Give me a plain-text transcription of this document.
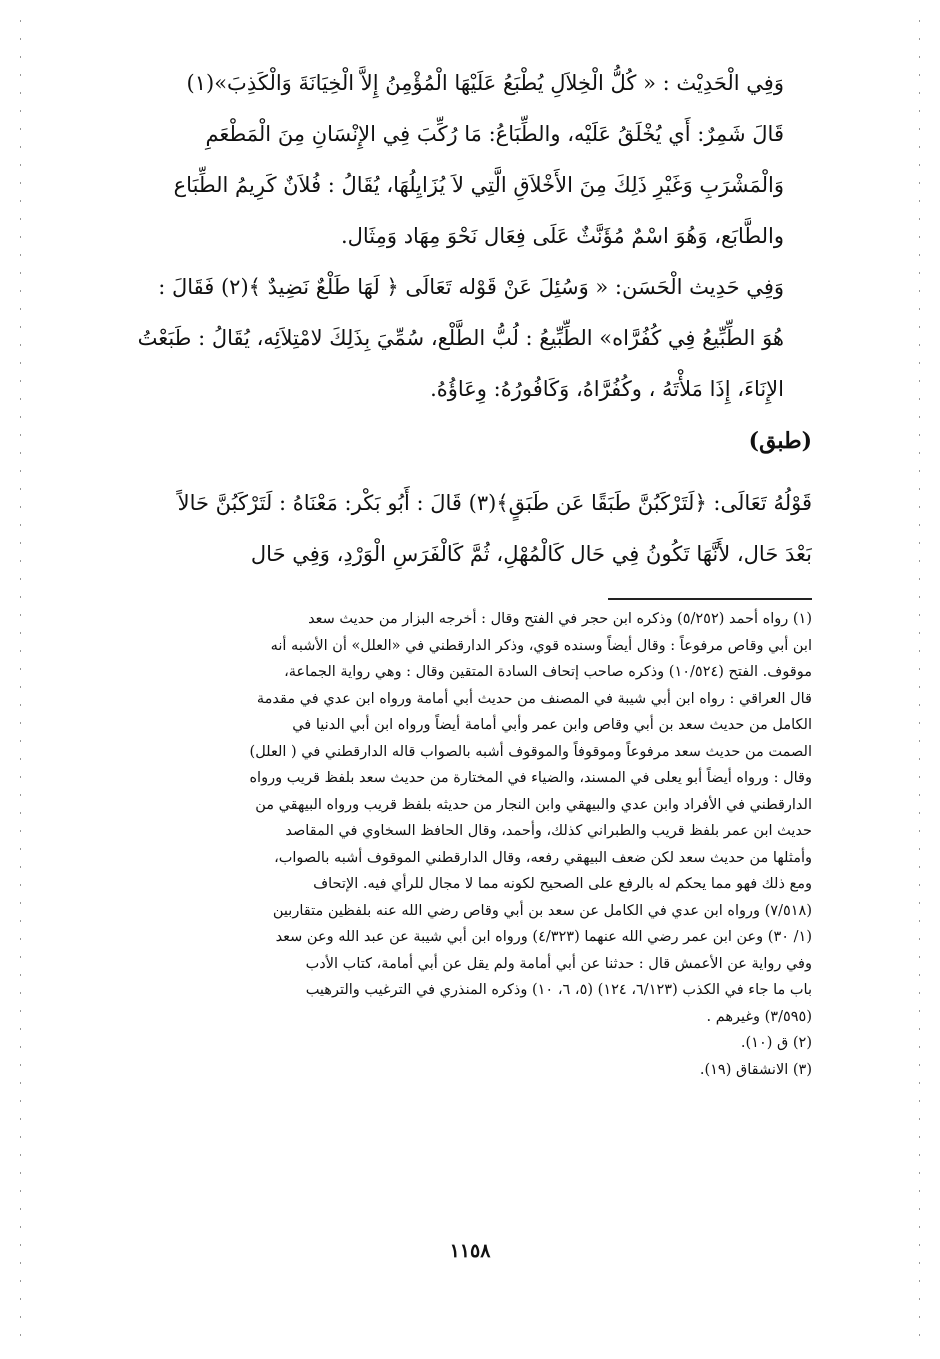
وَفِي الْحَدِيْث : « كُلُّ الْخِلاَلِ يُطْبَعُ عَلَيْهَا الْمُؤْمِنُ إِلاَّ الْخِيَانَةَ وَالْكَذِبَ»(١)
قَالَ شَمِرٌ: أَي يُخْلَقُ عَلَيْه، والطِّبَاعُ: مَا رُكِّبَ فِي الإِنْسَانِ مِنَ الْمَطْعَمِ
وَالْمَشْرَبِ وَغَيْرِ ذَلِكَ مِنَ الأَخْلاَقِ الَّتِي لاَ يُزَايِلُهَا، يُقَالُ : فُلاَنٌ كَرِيمُ الطِّبَاع
والطَّابَع، وَهُوَ اسْمٌ مُؤَنَّثٌ عَلَى فِعَال نَحْوَ مِهَاد وَمِثَال.
وَفِي حَدِيث الْحَسَن: « وَسُئِلَ عَنْ قَوْله تَعَالَى ﴿ لَهَا طَلْعٌ نَضِيدٌ ﴾(٢) فَقَالَ :
هُوَ الطِّبِّيعُ فِي كُفُرَّاه» الطِّبِّيعُ : لُبُّ الطَّلْع، سُمِّيَ بِذَلِكَ لامْتِلاَئِه، يُقَالُ : طَبَعْتُ
الإِنَاءَ، إِذَا مَلأْتَهُ ، وكُفُرَّاهُ، وَكَافُورُهُ: وِعَاؤُهُ.
(طبق)
قَوْلُهُ تَعَالَى: ﴿لَتَرْكَبُنَّ طَبَقًا عَن طَبَقٍ﴾(٣) قَالَ : أَبُو بَكْر: مَعْنَاهُ : لَتَرْكَبُنَّ حَالاً
بَعْدَ حَال، لأَنَّهَا تَكُونُ فِي حَال كَالْمُهْلِ، ثُمَّ كَالْفَرَسِ الْوَرْدِ، وَفِي حَال
(١) رواه أحمد (٥/٢٥٢) وذكره ابن حجر في الفتح وقال : أخرجه البزار من حديث سعد
ابن أبي وقاص مرفوعاً : وقال أيضاً وسنده قوي، وذكر الدارقطني في «العلل» أن الأشبه أنه
موقوف. الفتح (١٠/٥٢٤) وذكره صاحب إتحاف السادة المتقين وقال : وهي رواية الجماعة،
قال العراقي : رواه ابن أبي شيبة في المصنف من حديث أبي أمامة ورواه ابن عدي في مقدمة
الكامل من حديث سعد بن أبي وقاص وابن عمر وأبي أمامة أيضاً ورواه ابن أبي الدنيا في
الصمت من حديث سعد مرفوعاً وموقوفاً والموقوف أشبه بالصواب قاله الدارقطني في ( العلل)
وقال : ورواه أيضاً أبو يعلى في المسند، والضياء في المختارة من حديث سعد بلفظ قريب ورواه
الدارقطني في الأفراد وابن عدي والبيهقي وابن النجار من حديثه بلفظ قريب ورواه البيهقي من
حديث ابن عمر بلفظ قريب والطبراني كذلك، وأحمد، وقال الحافظ السخاوي في المقاصد
وأمثلها من حديث سعد لكن ضعف البيهقي رفعه، وقال الدارقطني الموقوف أشبه بالصواب،
ومع ذلك فهو مما يحكم له بالرفع على الصحيح لكونه مما لا مجال للرأي فيه. الإتحاف
(٧/٥١٨) ورواه ابن عدي في الكامل عن سعد بن أبي وقاص رضي الله عنه بلفظين متقاربين
(١/ ٣٠) وعن ابن عمر رضي الله عنهما (٤/٣٢٣) ورواه ابن أبي شيبة عن عبد الله وعن سعد
وفي رواية عن الأعمش قال : حدثنا عن أبي أمامة ولم يقل عن أبي أمامة، كتاب الأدب
باب ما جاء في الكذب (٦/١٢٣، ١٢٤) (٥، ٦، ١٠) وذكره المنذري في الترغيب والترهيب
(٣/٥٩٥) وغيرهم .
(٢) ق (١٠).
(٣) الانشقاق (١٩).
١١٥٨
